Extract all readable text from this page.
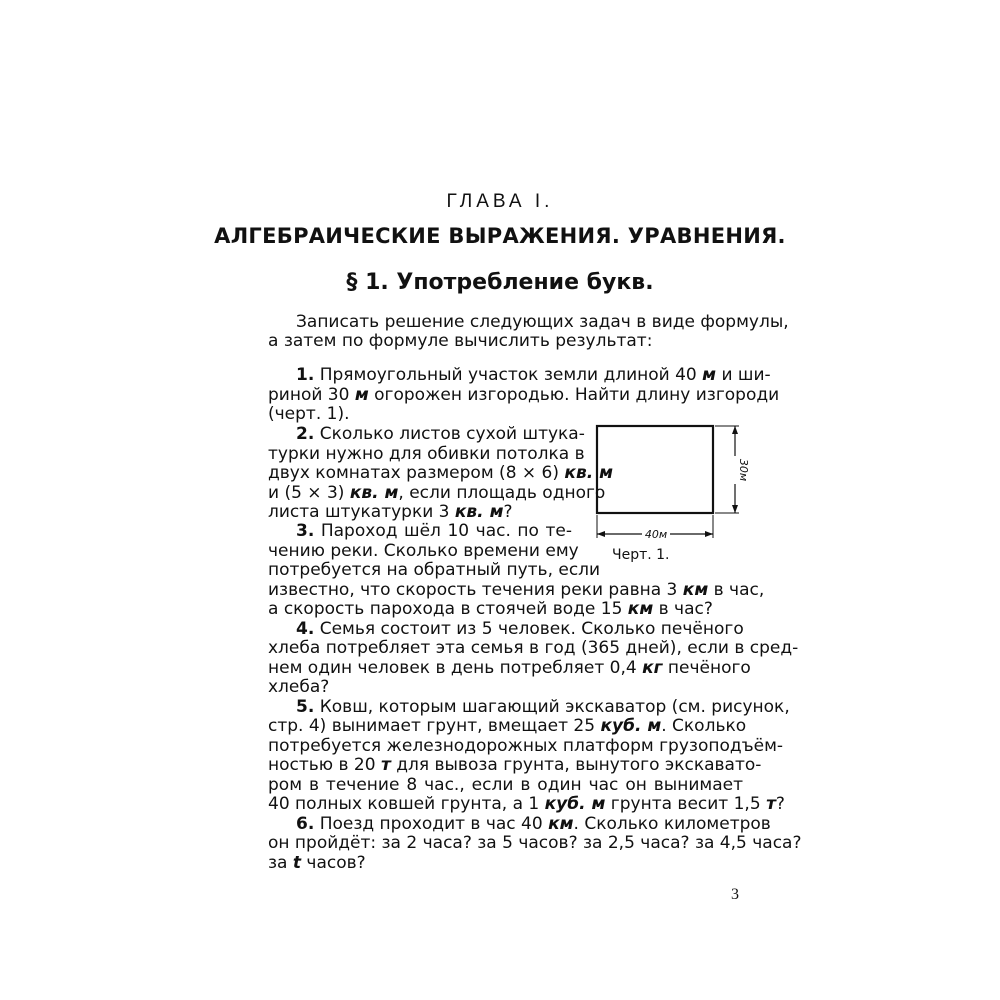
ГЛАВА I.
АЛГЕБРАИЧЕСКИЕ ВЫРАЖЕНИЯ. УРАВНЕНИЯ.
§ 1. Употребление букв.
Записать решение следующих задач в виде формулы,
а затем по формуле вычислить результат:
1. Прямоугольный участок земли длиной 40 м и ши-
риной 30 м огорожен изгородью. Найти длину изгороди
(черт. 1).
2. Сколько листов сухой штука-
турки нужно для обивки потолка в
двух комнатах размером (8 ⨯ 6) кв. м
и (5 ⨯ 3) кв. м, если площадь одного
листа штукатурки 3 кв. м?
3. Пароход шёл 10 час. по те-
чению реки. Сколько времени ему
потребуется на обратный путь, если
известно, что скорость течения реки равна 3 км в час,
а скорость парохода в стоячей воде 15 км в час?
4. Семья состоит из 5 человек. Сколько печёного
хлеба потребляет эта семья в год (365 дней), если в сред-
нем один человек в день потребляет 0,4 кг печёного
хлеба?
5. Ковш, которым шагающий экскаватор (см. рисунок,
стр. 4) вынимает грунт, вмещает 25 куб. м. Сколько
потребуется железнодорожных платформ грузоподъём-
ностью в 20 т для вывоза грунта, вынутого экскавато-
ром в течение 8 час., если в один час он вынимает
40 полных ковшей грунта, а 1 куб. м грунта весит 1,5 т?
6. Поезд проходит в час 40 км. Сколько километров
он пройдёт: за 2 часа? за 5 часов? за 2,5 часа? за 4,5 часа?
за t часов?
30м
40м
Черт. 1.
3
